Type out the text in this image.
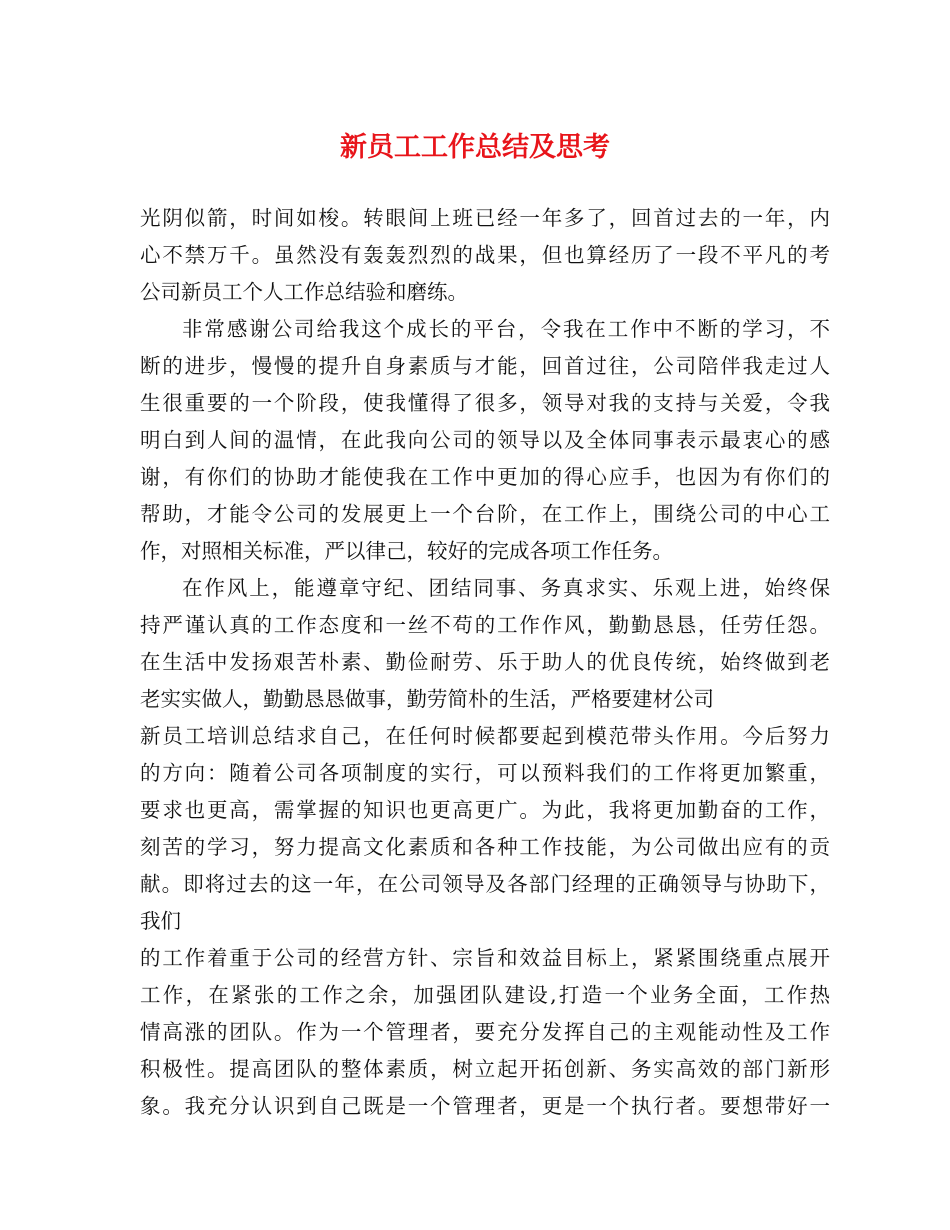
新员工工作总结及思考
光阴似箭，时间如梭。转眼间上班已经一年多了，回首过去的一年，内
心不禁万千。虽然没有轰轰烈烈的战果，但也算经历了一段不平凡的考
公司新员工个人工作总结验和磨练。
非常感谢公司给我这个成长的平台，令我在工作中不断的学习，不
断的进步，慢慢的提升自身素质与才能，回首过往，公司陪伴我走过人
生很重要的一个阶段，使我懂得了很多，领导对我的支持与关爱，令我
明白到人间的温情，在此我向公司的领导以及全体同事表示最衷心的感
谢，有你们的协助才能使我在工作中更加的得心应手，也因为有你们的
帮助，才能令公司的发展更上一个台阶，在工作上，围绕公司的中心工
作，对照相关标准，严以律己，较好的完成各项工作任务。
在作风上，能遵章守纪、团结同事、务真求实、乐观上进，始终保
持严谨认真的工作态度和一丝不苟的工作作风，勤勤恳恳，任劳任怨。
在生活中发扬艰苦朴素、勤俭耐劳、乐于助人的优良传统，始终做到老
老实实做人，勤勤恳恳做事，勤劳简朴的生活，严格要建材公司
新员工培训总结求自己，在任何时候都要起到模范带头作用。今后努力
的方向：随着公司各项制度的实行，可以预料我们的工作将更加繁重，
要求也更高，需掌握的知识也更高更广。为此，我将更加勤奋的工作，
刻苦的学习，努力提高文化素质和各种工作技能，为公司做出应有的贡
献。即将过去的这一年，在公司领导及各部门经理的正确领导与协助下，
我们
的工作着重于公司的经营方针、宗旨和效益目标上，紧紧围绕重点展开
工作，在紧张的工作之余，加强团队建设,打造一个业务全面，工作热
情高涨的团队。作为一个管理者，要充分发挥自己的主观能动性及工作
积极性。提高团队的整体素质，树立起开拓创新、务实高效的部门新形
象。我充分认识到自己既是一个管理者，更是一个执行者。要想带好一
